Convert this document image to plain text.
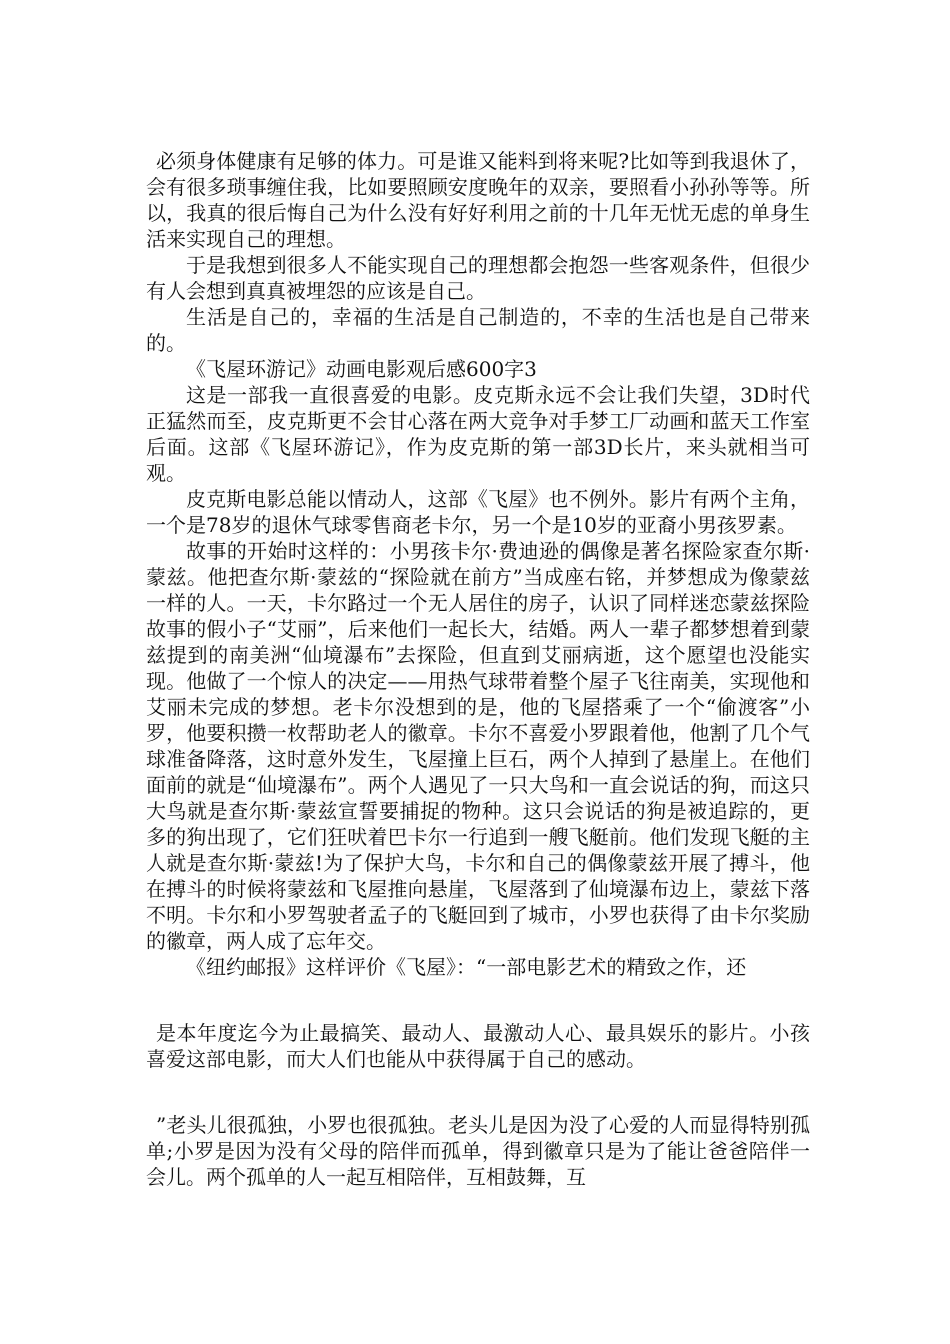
必须身体健康有足够的体力。可是谁又能料到将来呢?比如等到我退休了，会有很多琐事缠住我，比如要照顾安度晚年的双亲，要照看小孙孙等等。所以，我真的很后悔自己为什么没有好好利用之前的十几年无忧无虑的单身生活来实现自己的理想。

于是我想到很多人不能实现自己的理想都会抱怨一些客观条件，但很少有人会想到真真被埋怨的应该是自己。

生活是自己的，幸福的生活是自己制造的，不幸的生活也是自己带来的。

《飞屋环游记》动画电影观后感600字3

这是一部我一直很喜爱的电影。皮克斯永远不会让我们失望，3D时代正猛然而至，皮克斯更不会甘心落在两大竞争对手梦工厂动画和蓝天工作室后面。这部《飞屋环游记》，作为皮克斯的第一部3D长片，来头就相当可观。

皮克斯电影总能以情动人，这部《飞屋》也不例外。影片有两个主角，一个是78岁的退休气球零售商老卡尔，另一个是10岁的亚裔小男孩罗素。

故事的开始时这样的：小男孩卡尔·费迪逊的偶像是著名探险家查尔斯·蒙兹。他把查尔斯·蒙兹的“探险就在前方”当成座右铭，并梦想成为像蒙兹一样的人。一天，卡尔路过一个无人居住的房子，认识了同样迷恋蒙兹探险故事的假小子“艾丽”，后来他们一起长大，结婚。两人一辈子都梦想着到蒙兹提到的南美洲“仙境瀑布”去探险，但直到艾丽病逝，这个愿望也没能实现。他做了一个惊人的决定——用热气球带着整个屋子飞往南美，实现他和艾丽未完成的梦想。老卡尔没想到的是，他的飞屋搭乘了一个“偷渡客”小罗，他要积攒一枚帮助老人的徽章。卡尔不喜爱小罗跟着他，他割了几个气球准备降落，这时意外发生，飞屋撞上巨石，两个人掉到了悬崖上。在他们面前的就是“仙境瀑布”。两个人遇见了一只大鸟和一直会说话的狗，而这只大鸟就是查尔斯·蒙兹宣誓要捕捉的物种。这只会说话的狗是被追踪的，更多的狗出现了，它们狂吠着巴卡尔一行追到一艘飞艇前。他们发现飞艇的主人就是查尔斯·蒙兹!为了保护大鸟，卡尔和自己的偶像蒙兹开展了搏斗，他在搏斗的时候将蒙兹和飞屋推向悬崖，飞屋落到了仙境瀑布边上，蒙兹下落不明。卡尔和小罗驾驶者孟子的飞艇回到了城市，小罗也获得了由卡尔奖励的徽章，两人成了忘年交。

《纽约邮报》这样评价《飞屋》：“一部电影艺术的精致之作，还

是本年度迄今为止最搞笑、最动人、最激动人心、最具娱乐的影片。小孩喜爱这部电影，而大人们也能从中获得属于自己的感动。

”老头儿很孤独，小罗也很孤独。老头儿是因为没了心爱的人而显得特别孤单;小罗是因为没有父母的陪伴而孤单，得到徽章只是为了能让爸爸陪伴一会儿。两个孤单的人一起互相陪伴，互相鼓舞，互
